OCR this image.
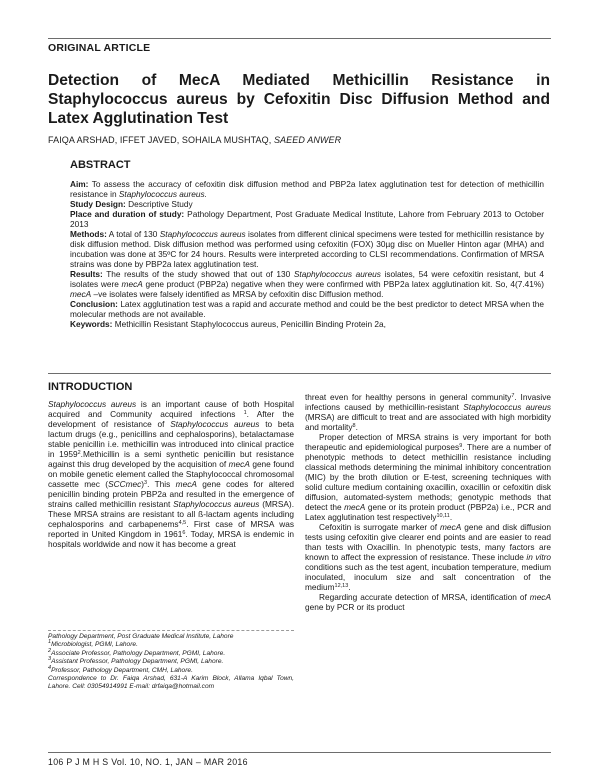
ORIGINAL ARTICLE
Detection of MecA Mediated Methicillin Resistance in
Staphylococcus aureus by Cefoxitin Disc Diffusion Method and
Latex Agglutination Test
FAIQA ARSHAD, IFFET JAVED, SOHAILA MUSHTAQ, SAEED ANWER
ABSTRACT

Aim: To assess the accuracy of cefoxitin disk diffusion method and PBP2a latex agglutination test for detection of methicillin resistance in Staphylococcus aureus.

Study Design: Descriptive Study

Place and duration of study: Pathology Department, Post Graduate Medical Institute, Lahore from February 2013 to October 2013

Methods: A total of 130 Staphylococcus aureus isolates from different clinical specimens were tested for methicillin resistance by disk diffusion method. Disk diffusion method was performed using cefoxitin (FOX) 30µg disc on Mueller Hinton agar (MHA) and incubation was done at 35ºC for 24 hours. Results were interpreted according to CLSI recommendations. Confirmation of MRSA strains was done by PBP2a latex agglutination test.

Results: The results of the study showed that out of 130 Staphylococcus aureus isolates, 54 were cefoxitin resistant, but 4 isolates were mecA gene product (PBP2a) negative when they were confirmed with PBP2a latex agglutination kit. So, 4(7.41%) mecA –ve isolates were falsely identified as MRSA by cefoxitin disc Diffusion method.

Conclusion: Latex agglutination test was a rapid and accurate method and could be the best predictor to detect MRSA when the molecular methods are not available.

Keywords: Methicillin Resistant Staphylococcus aureus, Penicillin Binding Protein 2a,

INTRODUCTION

Staphylococcus aureus is an important cause of both Hospital acquired and Community acquired infections $^1$. After the development of resistance of Staphylococcus aureus to beta lactum drugs (e.g., penicillins and cephalosporins), betalactamase stable penicillin i.e. methicillin was introduced into clinical practice in 1959$^2$.Methicillin is a semi synthetic penicillin but resistance against this drug developed by the acquisition of mecA gene found on mobile genetic element called the Staphylococcal chromosomal cassette mec (SCCmec)$^3$. This mecA gene codes for altered penicillin binding protein PBP2a and resulted in the emergence of strains called methicillin resistant Staphylococcus aureus (MRSA). These MRSA strains are resistant to all ß-lactam agents including cephalosporins and carbapenems$^{4,5}$. First case of MRSA was reported in United Kingdom in 1961$^6$. Today, MRSA is endemic in hospitals worldwide and now it has become a great

Pathology Department, Post Graduate Medical Institute, Lahore

$^1$Microbiologist, PGMI, Lahore.

$^2$Associate Professor, Pathology Department, PGMI, Lahore.

$^3$Assistant Professor, Pathology Department, PGMI, Lahore.

$^4$Professor, Pathology Department, CMH, Lahore.

Correspondence to Dr. Faiqa Arshad, 631-A Karim Block, Allama Iqbal Town, Lahore. Cell: 03054914991 E-mail: drfaiqa@hotmail.com

threat even for healthy persons in general community$^7$. Invasive infections caused by methicillin-resistant Staphylococcus aureus (MRSA) are difficult to treat and are associated with high morbidity and mortality$^8$.

Proper detection of MRSA strains is very important for both therapeutic and epidemiological purposes$^9$. There are a number of phenotypic methods to detect methicillin resistance including classical methods determining the minimal inhibitory concentration (MIC) by the broth dilution or E-test, screening techniques with solid culture medium containing oxacillin, oxacillin or cefoxitin disk diffusion, automated-system methods; genotypic methods that detect the mecA gene or its protein product (PBP2a) i.e., PCR and Latex agglutination test respectively$^{10,11}$.

Cefoxitin is surrogate marker of mecA gene and disk diffusion tests using cefoxitin give clearer end points and are easier to read than tests with Oxacillin. In phenotypic tests, many factors are known to affect the expression of resistance. These include in vitro conditions such as the test agent, incubation temperature, medium inoculated, inoculum size and salt concentration of the medium$^{12,13}$.

Regarding accurate detection of MRSA, identification of mecA gene by PCR or its product

106 P J M H S Vol. 10, NO. 1, JAN – MAR 2016
